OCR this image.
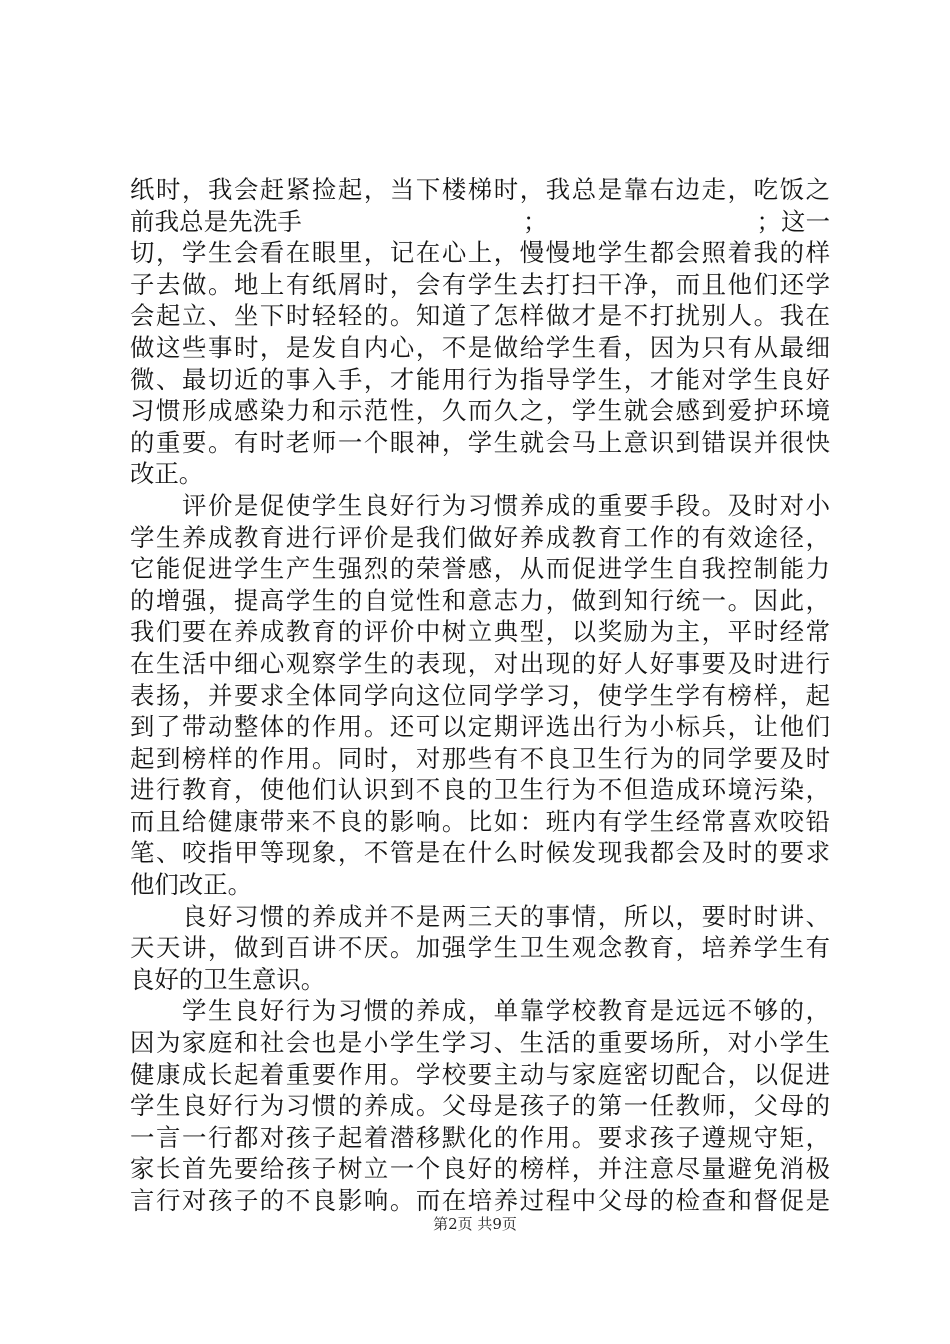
纸时，我会赶紧捡起，当下楼梯时，我总是靠右边走，吃饭之
前我总是先洗手　　　　　　　　　；　　　　　　　　　；这一
切，学生会看在眼里，记在心上，慢慢地学生都会照着我的样
子去做。地上有纸屑时，会有学生去打扫干净，而且他们还学
会起立、坐下时轻轻的。知道了怎样做才是不打扰别人。我在
做这些事时，是发自内心，不是做给学生看，因为只有从最细
微、最切近的事入手，才能用行为指导学生，才能对学生良好
习惯形成感染力和示范性，久而久之，学生就会感到爱护环境
的重要。有时老师一个眼神，学生就会马上意识到错误并很快
改正。
　　评价是促使学生良好行为习惯养成的重要手段。及时对小
学生养成教育进行评价是我们做好养成教育工作的有效途径，
它能促进学生产生强烈的荣誉感，从而促进学生自我控制能力
的增强，提高学生的自觉性和意志力，做到知行统一。因此，
我们要在养成教育的评价中树立典型，以奖励为主，平时经常
在生活中细心观察学生的表现，对出现的好人好事要及时进行
表扬，并要求全体同学向这位同学学习，使学生学有榜样，起
到了带动整体的作用。还可以定期评选出行为小标兵，让他们
起到榜样的作用。同时，对那些有不良卫生行为的同学要及时
进行教育，使他们认识到不良的卫生行为不但造成环境污染，
而且给健康带来不良的影响。比如：班内有学生经常喜欢咬铅
笔、咬指甲等现象，不管是在什么时候发现我都会及时的要求
他们改正。
　　良好习惯的养成并不是两三天的事情，所以，要时时讲、
天天讲，做到百讲不厌。加强学生卫生观念教育，培养学生有
良好的卫生意识。
　　学生良好行为习惯的养成，单靠学校教育是远远不够的，
因为家庭和社会也是小学生学习、生活的重要场所，对小学生
健康成长起着重要作用。学校要主动与家庭密切配合，以促进
学生良好行为习惯的养成。父母是孩子的第一任教师，父母的
一言一行都对孩子起着潜移默化的作用。要求孩子遵规守矩，
家长首先要给孩子树立一个良好的榜样，并注意尽量避免消极
言行对孩子的不良影响。而在培养过程中父母的检查和督促是
第2页 共9页
